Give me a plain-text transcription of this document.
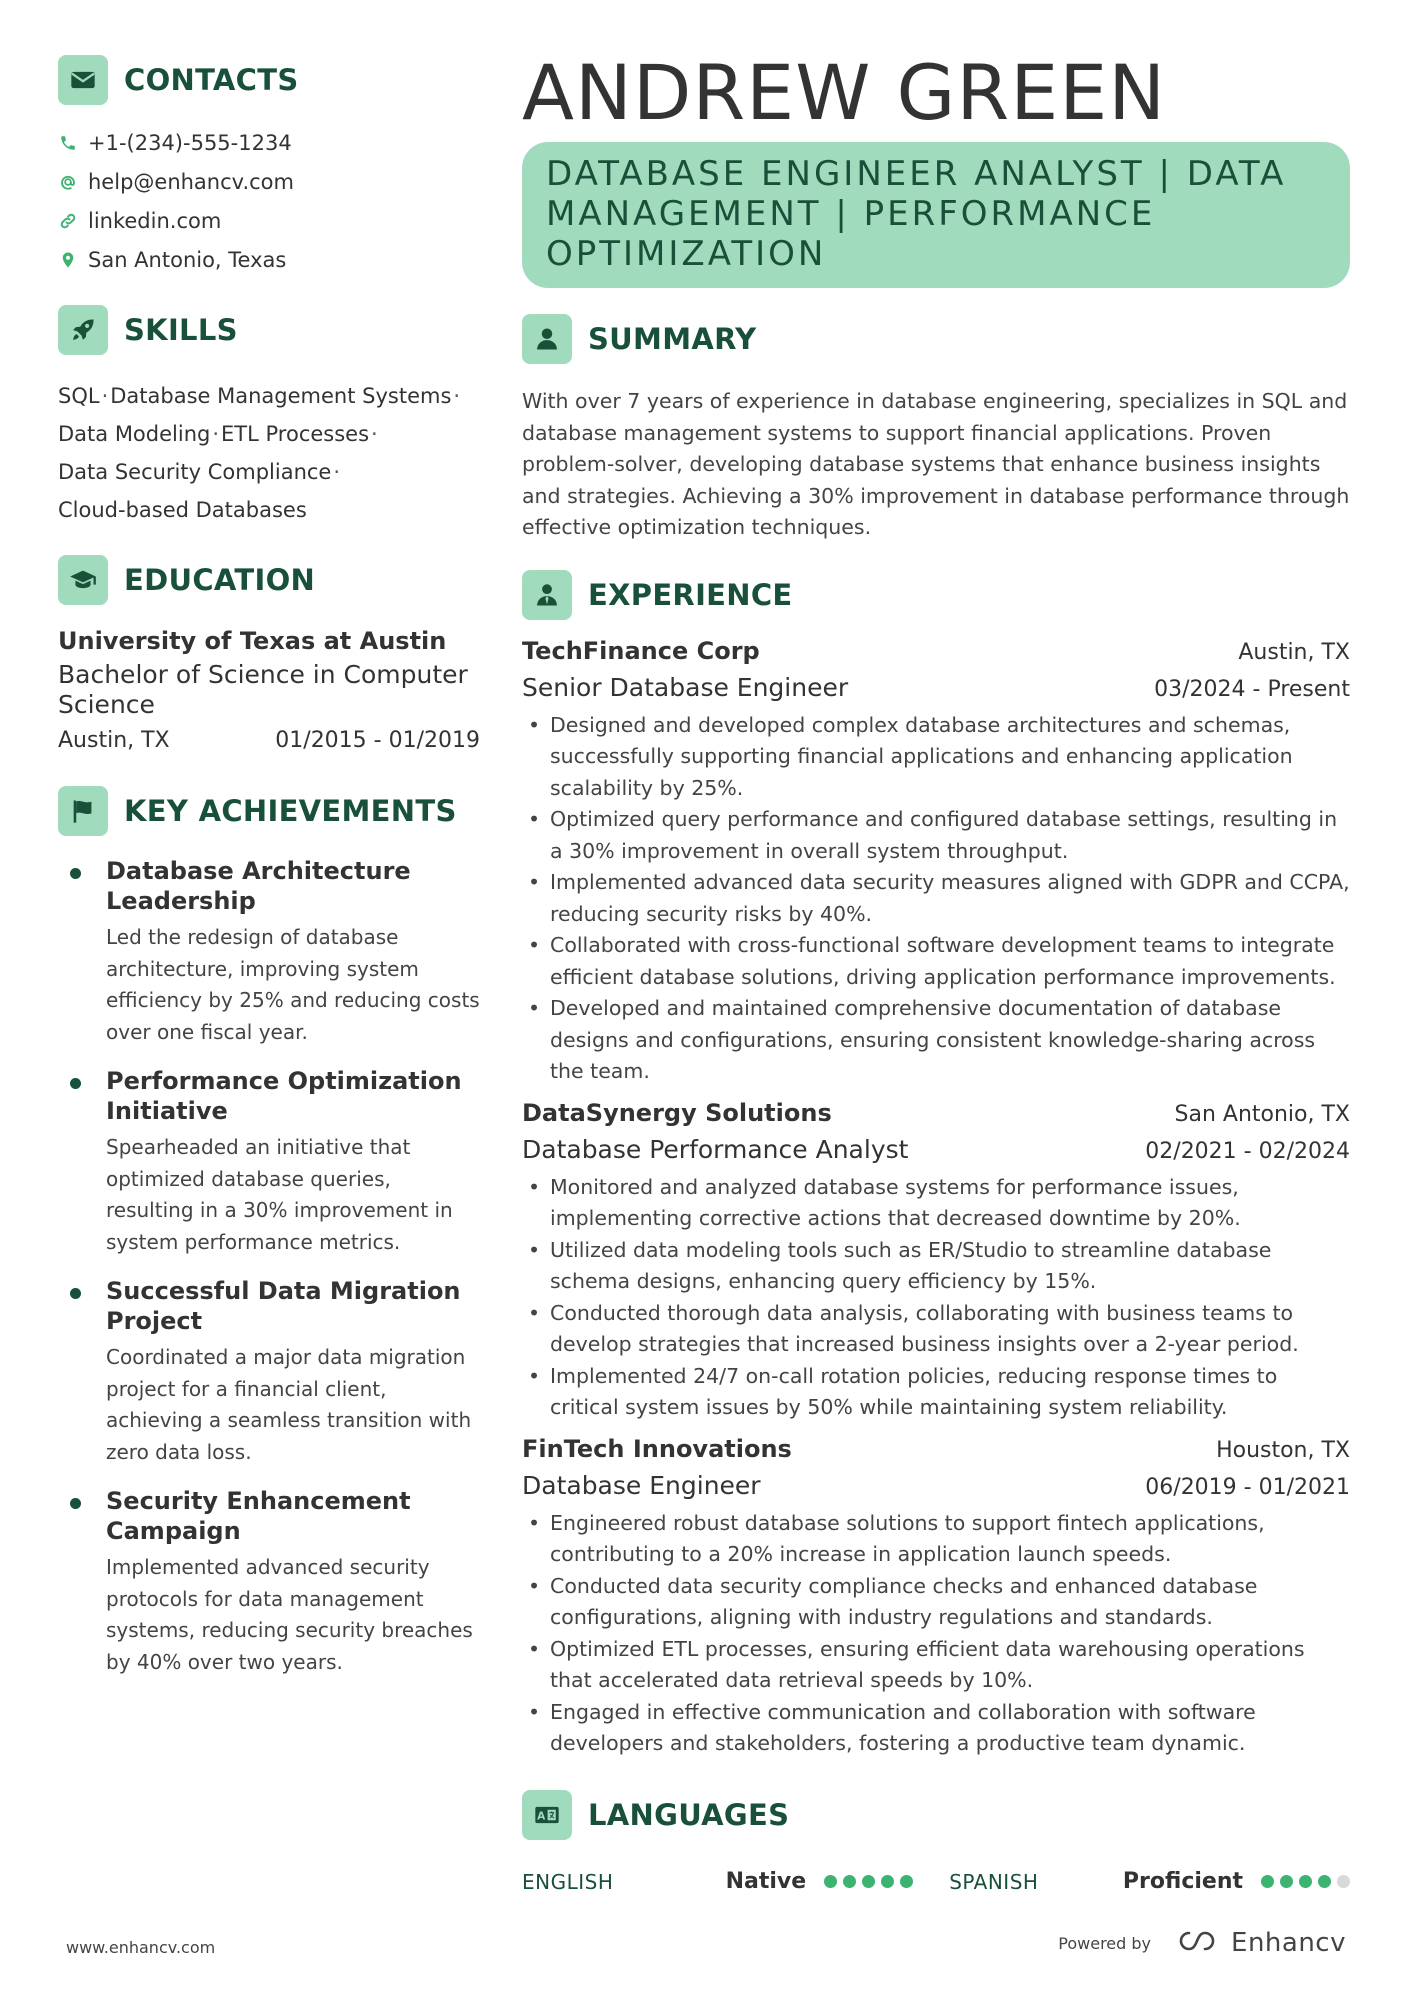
CONTACTS
+1-(234)-555-1234
help@enhancv.com
linkedin.com
San Antonio, Texas
SKILLS
SQL·Database Management Systems·
Data Modeling·ETL Processes·
Data Security Compliance·
Cloud-based Databases
EDUCATION
University of Texas at Austin
Bachelor of Science in Computer Science
Austin, TX	01/2015 - 01/2019
KEY ACHIEVEMENTS
Database Architecture Leadership
Led the redesign of database architecture, improving system efficiency by 25% and reducing costs over one fiscal year.
Performance Optimization Initiative
Spearheaded an initiative that optimized database queries, resulting in a 30% improvement in system performance metrics.
Successful Data Migration Project
Coordinated a major data migration project for a financial client, achieving a seamless transition with zero data loss.
Security Enhancement Campaign
Implemented advanced security protocols for data management systems, reducing security breaches by 40% over two years.
ANDREW GREEN
DATABASE ENGINEER ANALYST | DATA MANAGEMENT | PERFORMANCE OPTIMIZATION
SUMMARY
With over 7 years of experience in database engineering, specializes in SQL and database management systems to support financial applications. Proven problem-solver, developing database systems that enhance business insights and strategies. Achieving a 30% improvement in database performance through effective optimization techniques.
EXPERIENCE
TechFinance Corp	Austin, TX
Senior Database Engineer	03/2024 - Present
• Designed and developed complex database architectures and schemas, successfully supporting financial applications and enhancing application scalability by 25%.
• Optimized query performance and configured database settings, resulting in a 30% improvement in overall system throughput.
• Implemented advanced data security measures aligned with GDPR and CCPA, reducing security risks by 40%.
• Collaborated with cross-functional software development teams to integrate efficient database solutions, driving application performance improvements.
• Developed and maintained comprehensive documentation of database designs and configurations, ensuring consistent knowledge-sharing across the team.
DataSynergy Solutions	San Antonio, TX
Database Performance Analyst	02/2021 - 02/2024
• Monitored and analyzed database systems for performance issues, implementing corrective actions that decreased downtime by 20%.
• Utilized data modeling tools such as ER/Studio to streamline database schema designs, enhancing query efficiency by 15%.
• Conducted thorough data analysis, collaborating with business teams to develop strategies that increased business insights over a 2-year period.
• Implemented 24/7 on-call rotation policies, reducing response times to critical system issues by 50% while maintaining system reliability.
FinTech Innovations	Houston, TX
Database Engineer	06/2019 - 01/2021
• Engineered robust database solutions to support fintech applications, contributing to a 20% increase in application launch speeds.
• Conducted data security compliance checks and enhanced database configurations, aligning with industry regulations and standards.
• Optimized ETL processes, ensuring efficient data warehousing operations that accelerated data retrieval speeds by 10%.
• Engaged in effective communication and collaboration with software developers and stakeholders, fostering a productive team dynamic.
A LANGUAGES
ENGLISH	Native	SPANISH	Proficient
www.enhancv.com	Powered by	Enhancv
